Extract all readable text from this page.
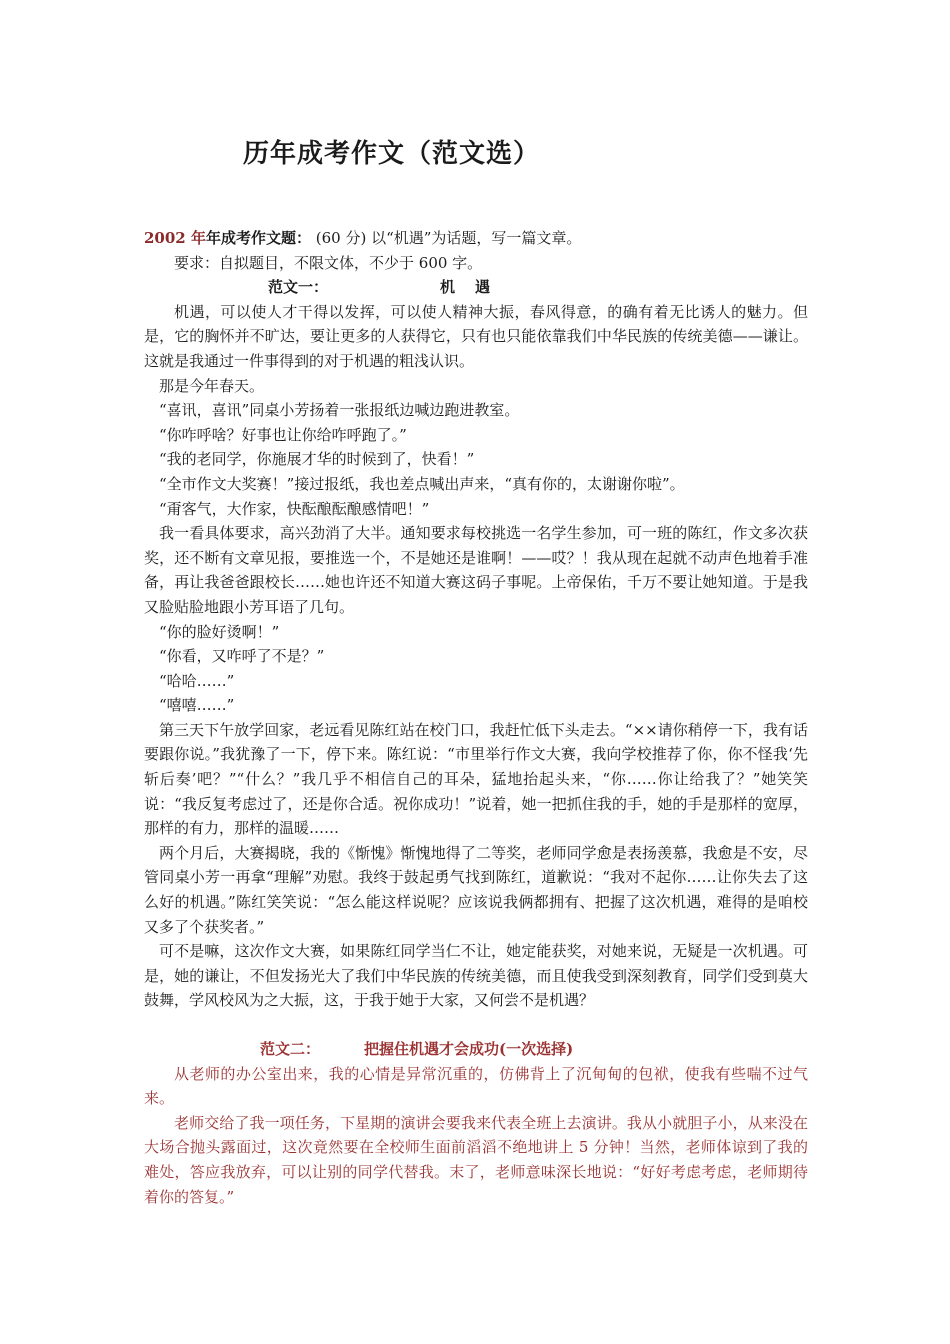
历年成考作文（范文选）

2002 年年成考作文题： (60 分) 以“机遇”为话题，写一篇文章。

要求：自拟题目，不限文体，不少于 600 字。

范文一：	机遇

机遇，可以使人才干得以发挥，可以使人精神大振，春风得意，的确有着无比诱人的魅力。但是，它的胸怀并不旷达，要让更多的人获得它，只有也只能依靠我们中华民族的传统美德——谦让。这就是我通过一件事得到的对于机遇的粗浅认识。

那是今年春天。

“喜讯，喜讯”同桌小芳扬着一张报纸边喊边跑进教室。

“你咋呼啥？好事也让你给咋呼跑了。”

“我的老同学，你施展才华的时候到了，快看！”

“全市作文大奖赛！”接过报纸，我也差点喊出声来，“真有你的，太谢谢你啦”。

“甭客气，大作家，快酝酿酝酿感情吧！”

我一看具体要求，高兴劲消了大半。通知要求每校挑选一名学生参加，可一班的陈红，作文多次获奖，还不断有文章见报，要推选一个，不是她还是谁啊！——哎？！我从现在起就不动声色地着手准备，再让我爸爸跟校长……她也许还不知道大赛这码子事呢。上帝保佑，千万不要让她知道。于是我又脸贴脸地跟小芳耳语了几句。

“你的脸好烫啊！”

“你看，又咋呼了不是？”

“哈哈……”

“嘻嘻……”

第三天下午放学回家，老远看见陈红站在校门口，我赶忙低下头走去。“××请你稍停一下，我有话要跟你说。”我犹豫了一下，停下来。陈红说：“市里举行作文大赛，我向学校推荐了你，你不怪我‘先斩后奏’吧？”“什么？”我几乎不相信自己的耳朵，猛地抬起头来，“你……你让给我了？”她笑笑说：“我反复考虑过了，还是你合适。祝你成功！”说着，她一把抓住我的手，她的手是那样的宽厚，那样的有力，那样的温暖……

两个月后，大赛揭晓，我的《惭愧》惭愧地得了二等奖，老师同学愈是表扬羡慕，我愈是不安，尽管同桌小芳一再拿“理解”劝慰。我终于鼓起勇气找到陈红，道歉说：“我对不起你……让你失去了这么好的机遇。”陈红笑笑说：“怎么能这样说呢？应该说我俩都拥有、把握了这次机遇，难得的是咱校又多了个获奖者。”

可不是嘛，这次作文大赛，如果陈红同学当仁不让，她定能获奖，对她来说，无疑是一次机遇。可是，她的谦让，不但发扬光大了我们中华民族的传统美德，而且使我受到深刻教育，同学们受到莫大鼓舞，学风校风为之大振，这，于我于她于大家，又何尝不是机遇？

范文二：	把握住机遇才会成功(一次选择)

从老师的办公室出来，我的心情是异常沉重的，仿佛背上了沉甸甸的包袱，使我有些喘不过气来。

老师交给了我一项任务，下星期的演讲会要我来代表全班上去演讲。我从小就胆子小，从来没在大场合抛头露面过，这次竟然要在全校师生面前滔滔不绝地讲上 5 分钟！当然，老师体谅到了我的难处，答应我放弃，可以让别的同学代替我。末了，老师意味深长地说：“好好考虑考虑，老师期待着你的答复。”
